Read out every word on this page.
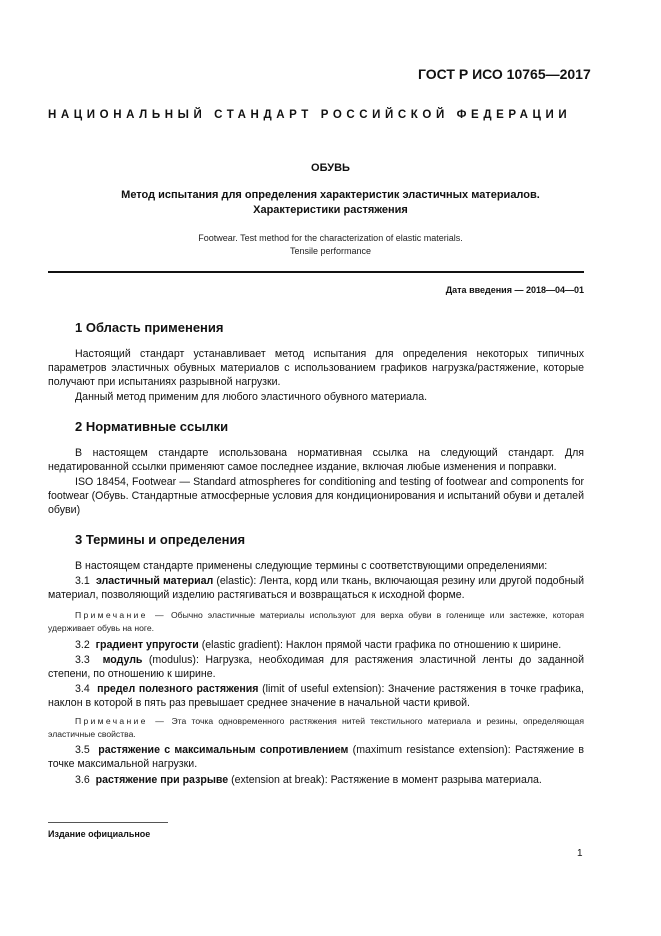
ГОСТ Р ИСО 10765—2017
НАЦИОНАЛЬНЫЙ СТАНДАРТ РОССИЙСКОЙ ФЕДЕРАЦИИ
ОБУВЬ
Метод испытания для определения характеристик эластичных материалов.
Характеристики растяжения
Footwear. Test method for the characterization of elastic materials.
Tensile performance
Дата введения — 2018—04—01
1 Область применения
Настоящий стандарт устанавливает метод испытания для определения некоторых типичных параметров эластичных обувных материалов с использованием графиков нагрузка/растяжение, которые получают при испытаниях разрывной нагрузки.
Данный метод применим для любого эластичного обувного материала.
2 Нормативные ссылки
В настоящем стандарте использована нормативная ссылка на следующий стандарт. Для недатированной ссылки применяют самое последнее издание, включая любые изменения и поправки.
ISO 18454, Footwear — Standard atmospheres for conditioning and testing of footwear and components for footwear (Обувь. Стандартные атмосферные условия для кондиционирования и испытаний обуви и деталей обуви)
3 Термины и определения
В настоящем стандарте применены следующие термины с соответствующими определениями:
3.1 эластичный материал (elastic): Лента, корд или ткань, включающая резину или другой подобный материал, позволяющий изделию растягиваться и возвращаться к исходной форме.
Примечание — Обычно эластичные материалы используют для верха обуви в голенище или застежке, которая удерживает обувь на ноге.
3.2 градиент упругости (elastic gradient): Наклон прямой части графика по отношению к ширине.
3.3 модуль (modulus): Нагрузка, необходимая для растяжения эластичной ленты до заданной степени, по отношению к ширине.
3.4 предел полезного растяжения (limit of useful extension): Значение растяжения в точке графика, наклон в которой в пять раз превышает среднее значение в начальной части кривой.
Примечание — Эта точка одновременного растяжения нитей текстильного материала и резины, определяющая эластичные свойства.
3.5 растяжение с максимальным сопротивлением (maximum resistance extension): Растяжение в точке максимальной нагрузки.
3.6 растяжение при разрыве (extension at break): Растяжение в момент разрыва материала.
Издание официальное
1
